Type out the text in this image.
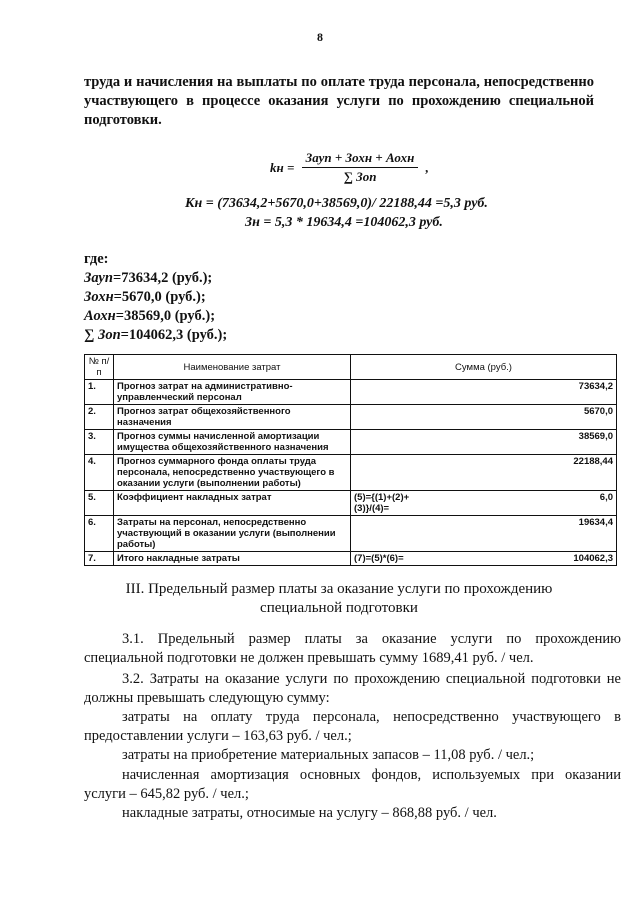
8
труда и начисления на выплаты по оплате труда персонала, непосредственно участвующего в процессе оказания услуги по прохождению специальной подготовки.
kн = $\frac{\text{Зауп + Зохн + Аохн}}{\text{∑ Зоп}}$ ,
Кн = (73634,2+5670,0+38569,0)/ 22188,44 =5,3 руб.
Зн = 5,3 * 19634,4 =104062,3 руб.
где:
Зауп=73634,2 (руб.);
Зохн=5670,0 (руб.);
Аохн=38569,0 (руб.);
∑ Зоп=104062,3 (руб.);
№ п/п	Наименование затрат	Сумма (руб.)	
1.	Прогноз затрат на административно-управленческий персонал		73634,2
2.	Прогноз затрат общехозяйственного назначения		5670,0
3.	Прогноз суммы начисленной амортизации имущества общехозяйственного назначения		38569,0
4.	Прогноз суммарного фонда оплаты труда персонала, непосредственно участвующего в оказании услуги (выполнении работы)		22188,44
5.	Коэффициент накладных затрат	(5)={(1)+(2)+(3)}/(4)=	6,0
6.	Затраты на персонал, непосредственно участвующий в оказании услуги (выполнении работы)		19634,4
7.	Итого накладные затраты	(7)=(5)*(6)=	104062,3
III. Предельный размер платы за оказание услуги по прохождению специальной подготовки
3.1. Предельный размер платы за оказание услуги по прохождению специальной подготовки не должен превышать сумму 1689,41 руб. / чел.
3.2. Затраты на оказание услуги по прохождению специальной подготовки не должны превышать следующую сумму:
затраты на оплату труда персонала, непосредственно участвующего в предоставлении услуги – 163,63 руб. / чел.;
затраты на приобретение материальных запасов – 11,08 руб. / чел.;
начисленная амортизация основных фондов, используемых при оказании услуги – 645,82 руб. / чел.;
накладные затраты, относимые на услугу – 868,88 руб. / чел.
